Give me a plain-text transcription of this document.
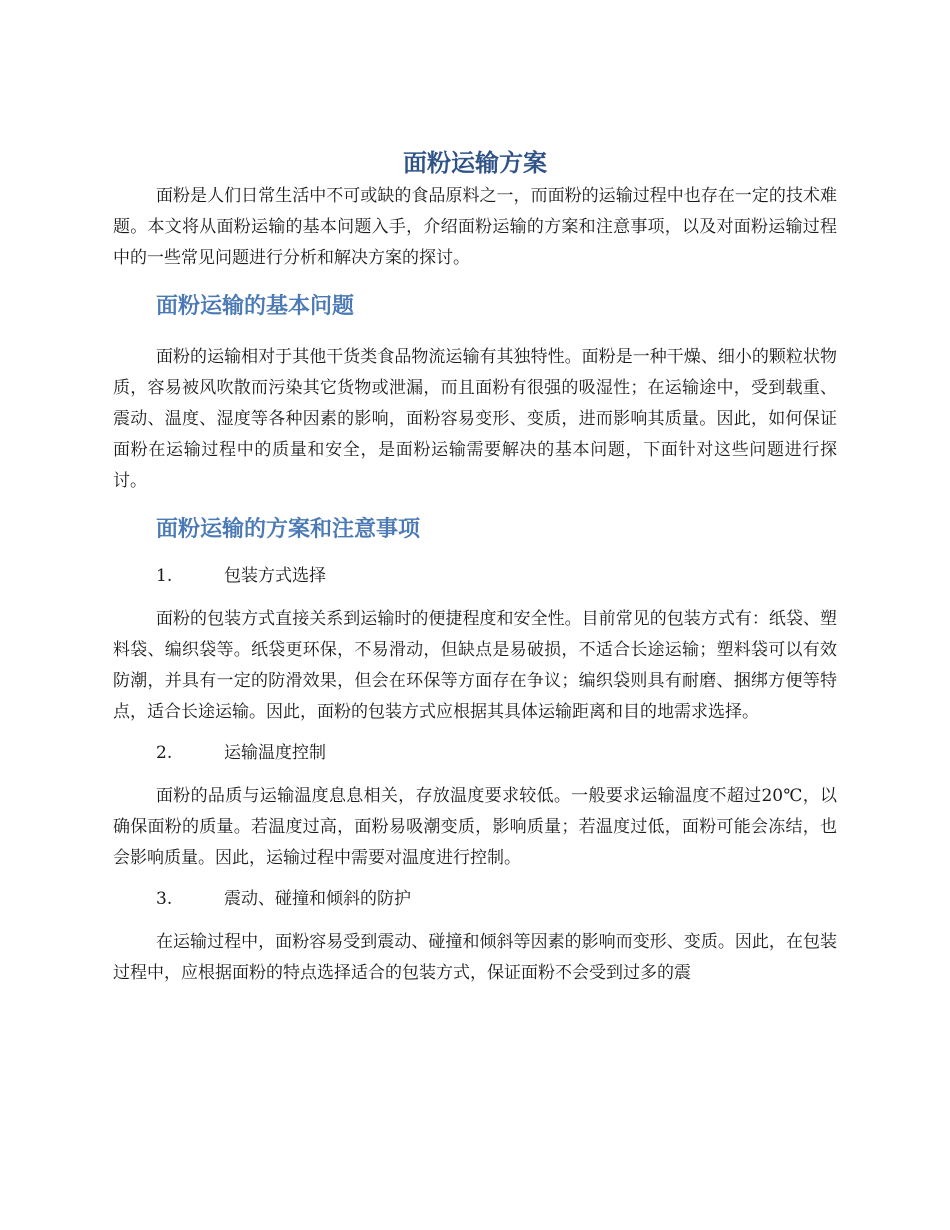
面粉运输方案

面粉是人们日常生活中不可或缺的食品原料之一，而面粉的运输过程中也存在一定的技术难题。本文将从面粉运输的基本问题入手，介绍面粉运输的方案和注意事项，以及对面粉运输过程中的一些常见问题进行分析和解决方案的探讨。

面粉运输的基本问题

面粉的运输相对于其他干货类食品物流运输有其独特性。面粉是一种干燥、细小的颗粒状物质，容易被风吹散而污染其它货物或泄漏，而且面粉有很强的吸湿性；在运输途中，受到载重、震动、温度、湿度等各种因素的影响，面粉容易变形、变质，进而影响其质量。因此，如何保证面粉在运输过程中的质量和安全，是面粉运输需要解决的基本问题，下面针对这些问题进行探讨。

面粉运输的方案和注意事项
1.	包装方式选择

面粉的包装方式直接关系到运输时的便捷程度和安全性。目前常见的包装方式有：纸袋、塑料袋、编织袋等。纸袋更环保，不易滑动，但缺点是易破损，不适合长途运输；塑料袋可以有效防潮，并具有一定的防滑效果，但会在环保等方面存在争议；编织袋则具有耐磨、捆绑方便等特点，适合长途运输。因此，面粉的包装方式应根据其具体运输距离和目的地需求选择。

2.	运输温度控制

面粉的品质与运输温度息息相关，存放温度要求较低。一般要求运输温度不超过20℃，以确保面粉的质量。若温度过高，面粉易吸潮变质，影响质量；若温度过低，面粉可能会冻结，也会影响质量。因此，运输过程中需要对温度进行控制。

3.	震动、碰撞和倾斜的防护

在运输过程中，面粉容易受到震动、碰撞和倾斜等因素的影响而变形、变质。因此，在包装过程中，应根据面粉的特点选择适合的包装方式，保证面粉不会受到过多的震
